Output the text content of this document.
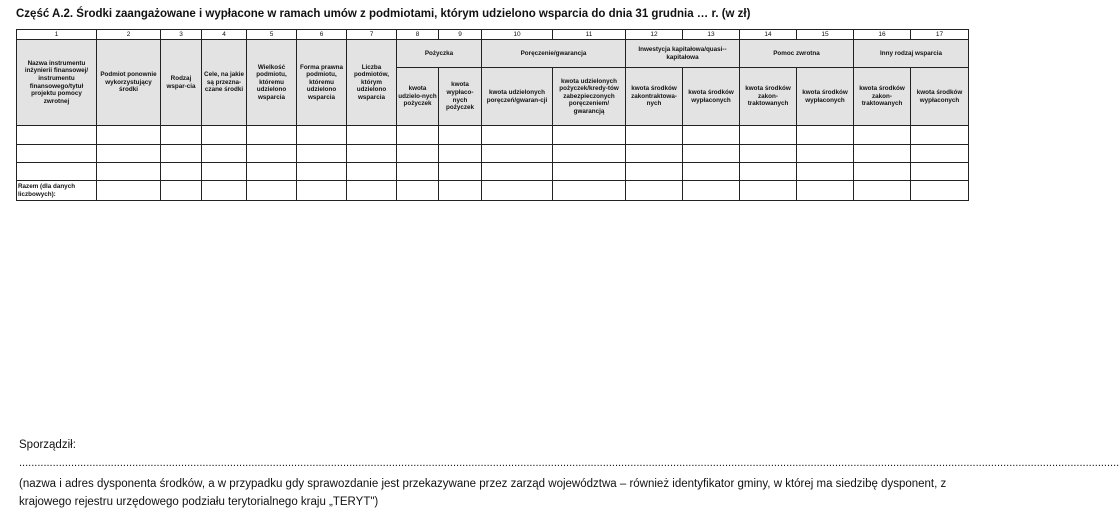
Część A.2. Środki zaangażowane i wypłacone w ramach umów z podmiotami, którym udzielono wsparcia do dnia 31 grudnia … r. (w zł)
1	2	3	4	5	6	7	8	9	10	11	12	13	14	15	16	17
Nazwa instrumentu inżynierii finansowej/ instrumentu finansowego/tytuł projektu pomocy zwrotnej	Podmiot ponownie wykorzystujący środki	Rodzaj wspar-cia	Cele, na jakie są przezna-czane środki	Wielkość podmiotu, któremu udzielono wsparcia	Forma prawna podmiotu, któremu udzielono wsparcia	Liczba podmiotów, którym udzielono wsparcia	Pożyczka		Poręczenie/gwarancja		Inwestycja kapitałowa/quasi--kapitałowa		Pomoc zwrotna		Inny rodzaj wsparcia	
							kwota udzielo-nych pożyczek	kwota wypłaco-nych pożyczek	kwota udzielonych poręczeń/gwaran-cji	kwota udzielonych pożyczek/kredy-tów zabezpieczonych poręczeniem/ gwarancją	kwota środków zakontraktowa-nych	kwota środków wypłaconych	kwota środków zakon-traktowanych	kwota środków wypłaconych	kwota środków zakon-traktowanych	kwota środków wypłaconych

Razem (dla danych liczbowych):																
Sporządził:
........................................................................................................................................................................................................................................................................................................................................................................
(nazwa i adres dysponenta środków, a w przypadku gdy sprawozdanie jest przekazywane przez zarząd województwa – również identyfikator gminy, w której ma siedzibę dysponent, z krajowego rejestru urzędowego podziału terytorialnego kraju „TERYT")
